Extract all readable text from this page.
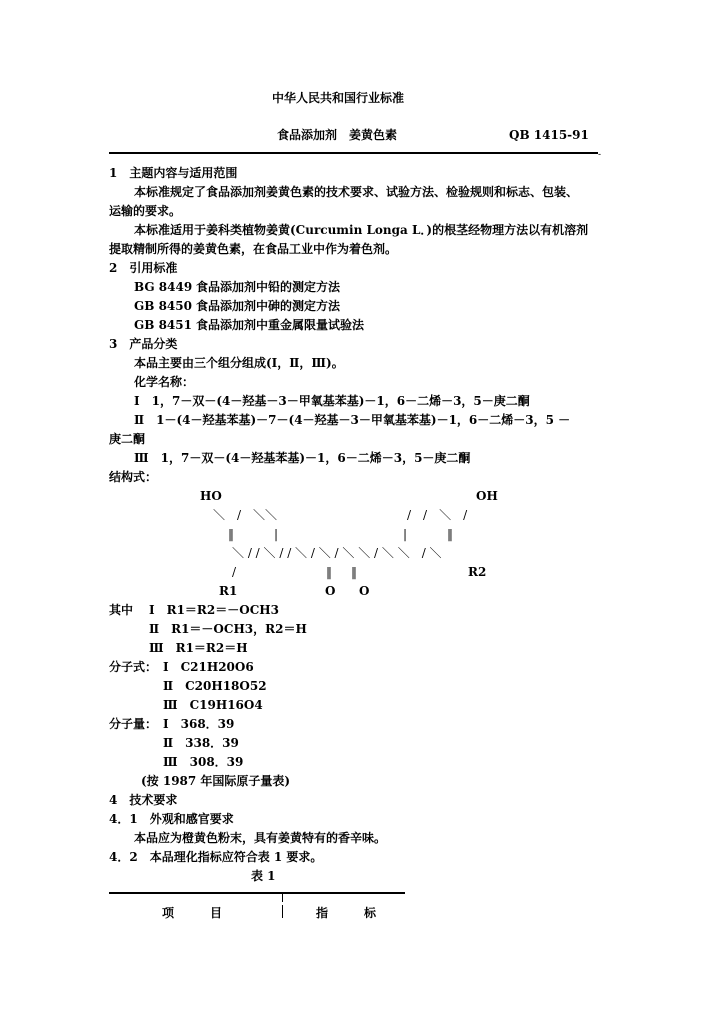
中华人民共和国行业标准
食品添加剂　姜黄色素	QB 1415-91
-
1　主题内容与适用范围
本标准规定了食品添加剂姜黄色素的技术要求、试验方法、检验规则和标志、包装、
运输的要求。
本标准适用于姜科类植物姜黄(Curcumin Longa L．)的根茎经物理方法以有机溶剂
提取精制所得的姜黄色素，在食品工业中作为着色剂。
2　引用标准
BG 8449 食品添加剂中铅的测定方法
GB 8450 食品添加剂中砷的测定方法
GB 8451 食品添加剂中重金属限量试验法
3　产品分类
本品主要由三个组分组成(Ⅰ，Ⅱ，Ⅲ)。
化学名称：
Ⅰ　1，7－双－(4－羟基－3－甲氧基苯基)－1，6－二烯－3，5－庚二酮
Ⅱ　1－(4－羟基苯基)－7－(4－羟基－3－甲氧基苯基)－1，6－二烯－3，5 －
庚二酮
Ⅲ　1，7－双－(4－羟基苯基)－1，6－二烯－3，5－庚二酮
结构式：
HO	OH
＼　/　＼＼	/　/　＼　/
‖	|	|	‖
＼ / / ＼ / / ＼ / ＼ / ＼ ＼ / ＼ ＼　/ ＼
/	‖ ‖	R2
R1	O O
其中 Ⅰ　R1＝R2＝－OCH3
Ⅱ　R1＝－OCH3，R2＝H
Ⅲ　R1＝R2＝H
分子式： Ⅰ　C21H20O6
Ⅱ　C20H18O52
Ⅲ　C19H16O4
分子量： Ⅰ　368．39
Ⅱ　338．39
Ⅲ　308．39
(按 1987 年国际原子量表)
4　技术要求
4．1　外观和感官要求
本品应为橙黄色粉末，具有姜黄特有的香辛味。
4．2　本品理化指标应符合表 1 要求。
表 1
项　　　目	指　　　标
